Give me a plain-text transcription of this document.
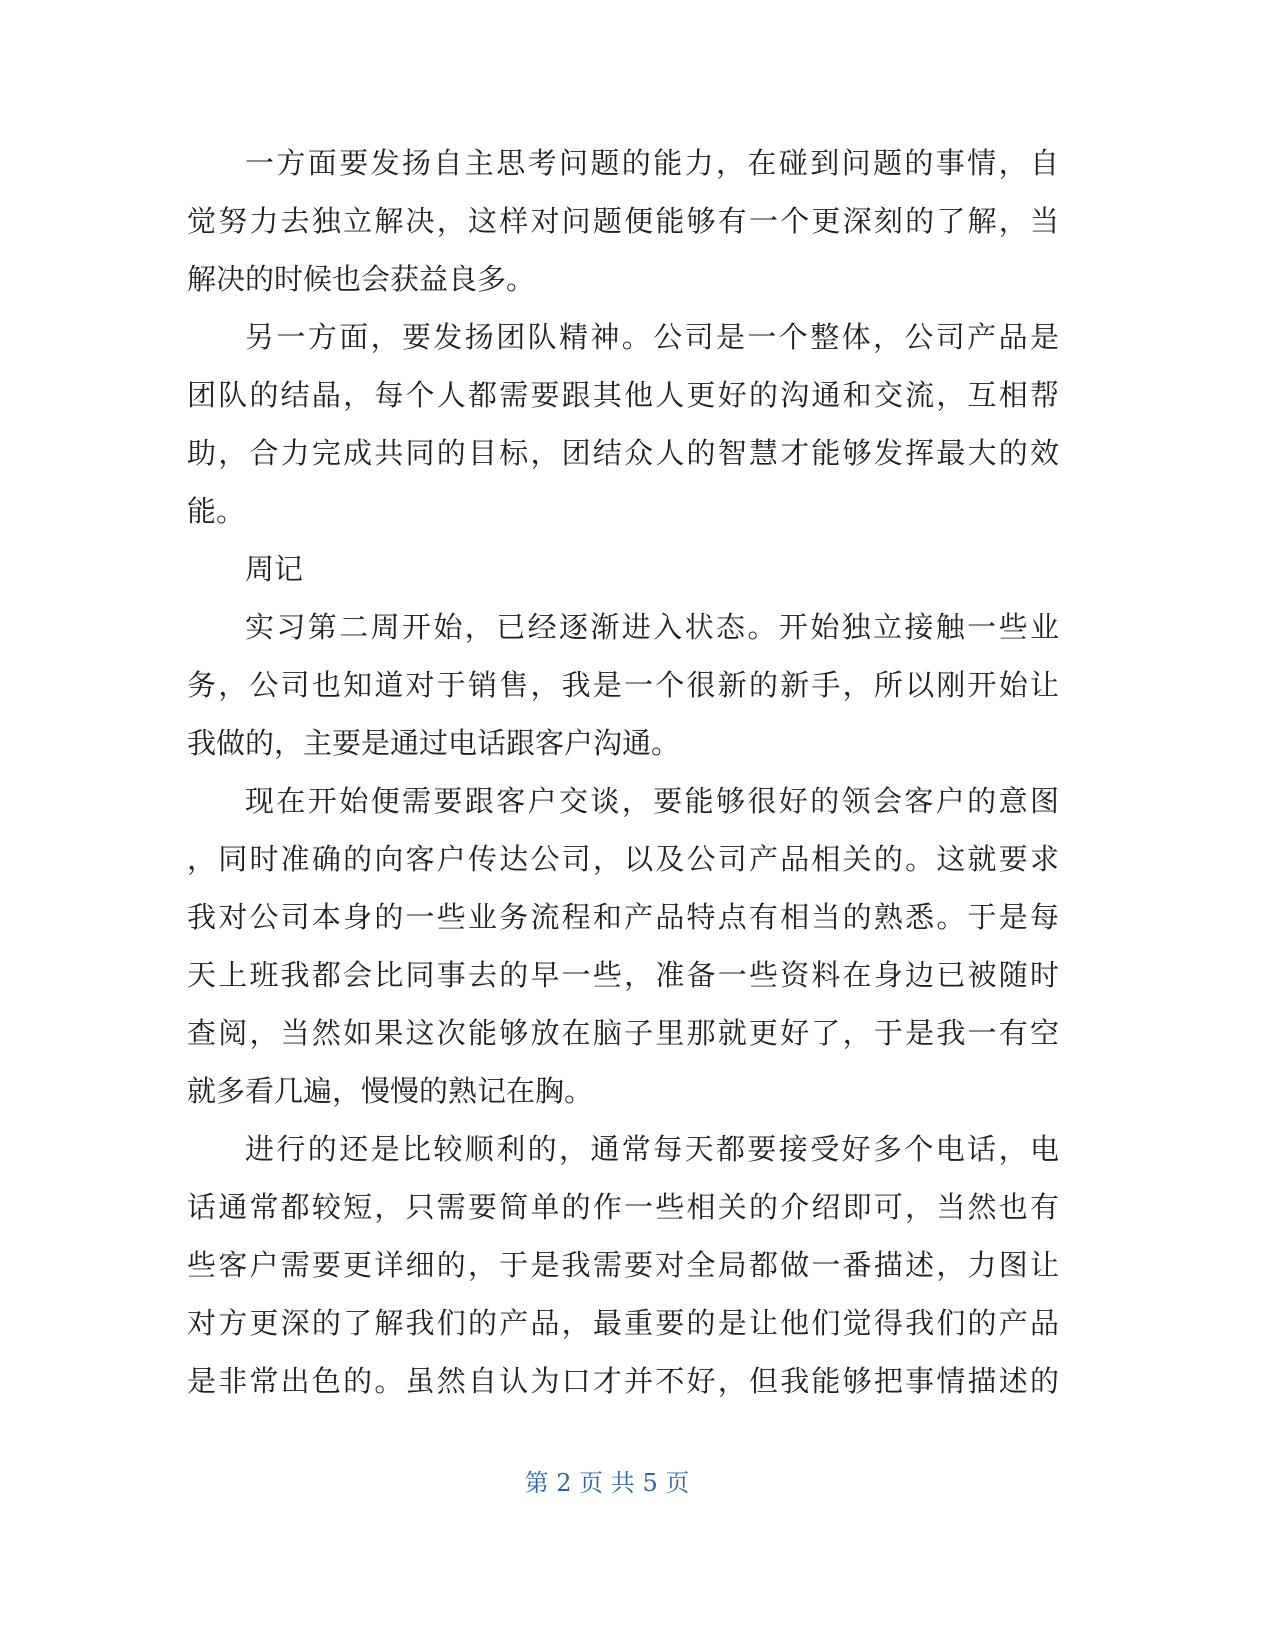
一方面要发扬自主思考问题的能力，在碰到问题的事情，自
觉努力去独立解决，这样对问题便能够有一个更深刻的了解，当
解决的时候也会获益良多。
另一方面，要发扬团队精神。公司是一个整体，公司产品是
团队的结晶，每个人都需要跟其他人更好的沟通和交流，互相帮
助，合力完成共同的目标，团结众人的智慧才能够发挥最大的效
能。
周记
实习第二周开始，已经逐渐进入状态。开始独立接触一些业
务，公司也知道对于销售，我是一个很新的新手，所以刚开始让
我做的，主要是通过电话跟客户沟通。
现在开始便需要跟客户交谈，要能够很好的领会客户的意图
，同时准确的向客户传达公司，以及公司产品相关的。这就要求
我对公司本身的一些业务流程和产品特点有相当的熟悉。于是每
天上班我都会比同事去的早一些，准备一些资料在身边已被随时
查阅，当然如果这次能够放在脑子里那就更好了，于是我一有空
就多看几遍，慢慢的熟记在胸。
进行的还是比较顺利的，通常每天都要接受好多个电话，电
话通常都较短，只需要简单的作一些相关的介绍即可，当然也有
些客户需要更详细的，于是我需要对全局都做一番描述，力图让
对方更深的了解我们的产品，最重要的是让他们觉得我们的产品
是非常出色的。虽然自认为口才并不好，但我能够把事情描述的
第 2 页 共 5 页
